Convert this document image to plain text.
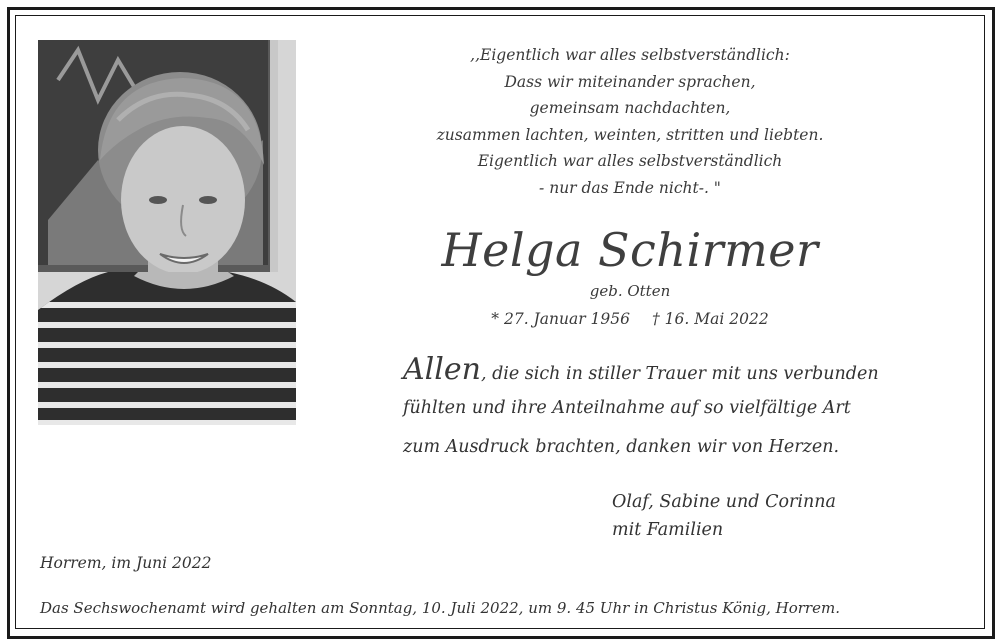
,,Eigentlich war alles selbstverständlich:
Dass wir miteinander sprachen,
gemeinsam nachdachten,
zusammen lachten, weinten, stritten und liebten.
Eigentlich war alles selbstverständlich
- nur das Ende nicht-. "
Helga Schirmer
geb. Otten
* 27. Januar 1956 † 16. Mai 2022
Allen, die sich in stiller Trauer mit uns verbunden
fühlten und ihre Anteilnahme auf so vielfältige Art
zum Ausdruck brachten, danken wir von Herzen.
Olaf, Sabine und Corinna
mit Familien
Horrem, im Juni 2022
Das Sechswochenamt wird gehalten am Sonntag, 10. Juli 2022, um 9. 45 Uhr in Christus König, Horrem.
